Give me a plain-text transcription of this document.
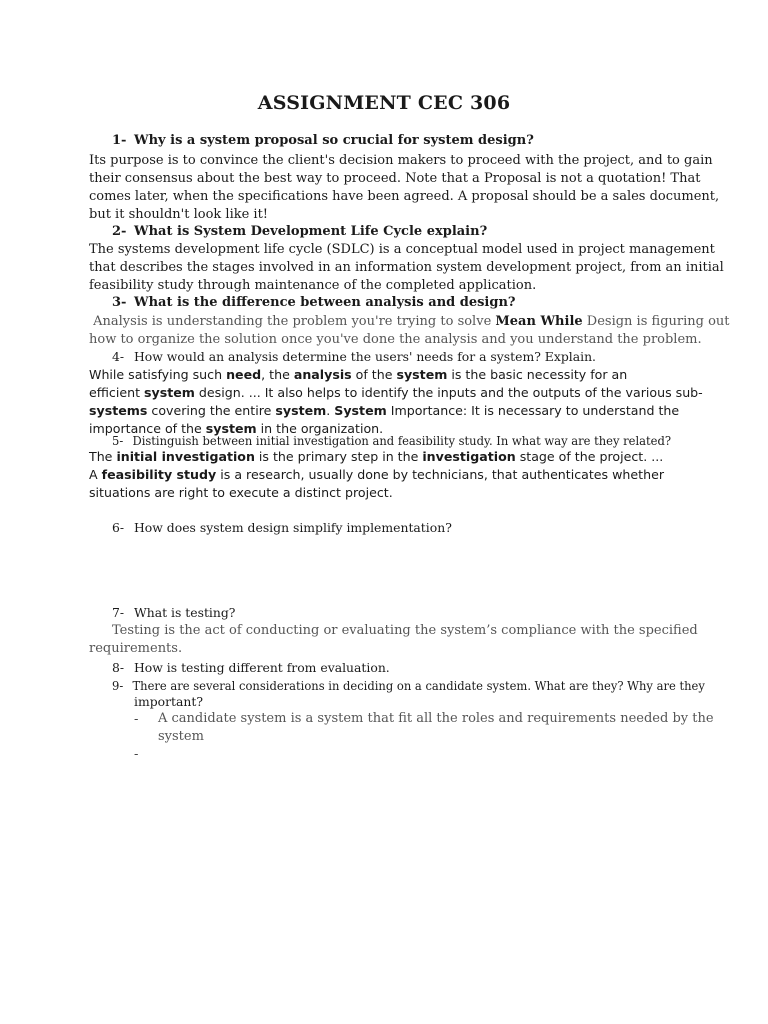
ASSIGNMENT CEC 306
1- Why is a system proposal so crucial for system design?
Its purpose is to convince the client's decision makers to proceed with the project, and to gain
their consensus about the best way to proceed. Note that a Proposal is not a quotation! That
comes later, when the specifications have been agreed. A proposal should be a sales document,
but it shouldn't look like it!
2- What is System Development Life Cycle explain?
The systems development life cycle (SDLC) is a conceptual model used in project management
that describes the stages involved in an information system development project, from an initial
feasibility study through maintenance of the completed application.
3- What is the difference between analysis and design?
Analysis is understanding the problem you're trying to solve Mean While Design is figuring out
how to organize the solution once you've done the analysis and you understand the problem.
4- How would an analysis determine the users' needs for a system? Explain.
While satisfying such need, the analysis of the system is the basic necessity for an
efficient system design. ... It also helps to identify the inputs and the outputs of the various sub-
systems covering the entire system. System Importance: It is necessary to understand the
importance of the system in the organization.
5- Distinguish between initial investigation and feasibility study. In what way are they related?
The initial investigation is the primary step in the investigation stage of the project. ...
A feasibility study is a research, usually done by technicians, that authenticates whether
situations are right to execute a distinct project.
6- How does system design simplify implementation?
7- What is testing?
Testing is the act of conducting or evaluating the system’s compliance with the specified
requirements.
8- How is testing different from evaluation.
9- There are several considerations in deciding on a candidate system. What are they? Why are they
important?
- A candidate system is a system that fit all the roles and requirements needed by the
system
-
